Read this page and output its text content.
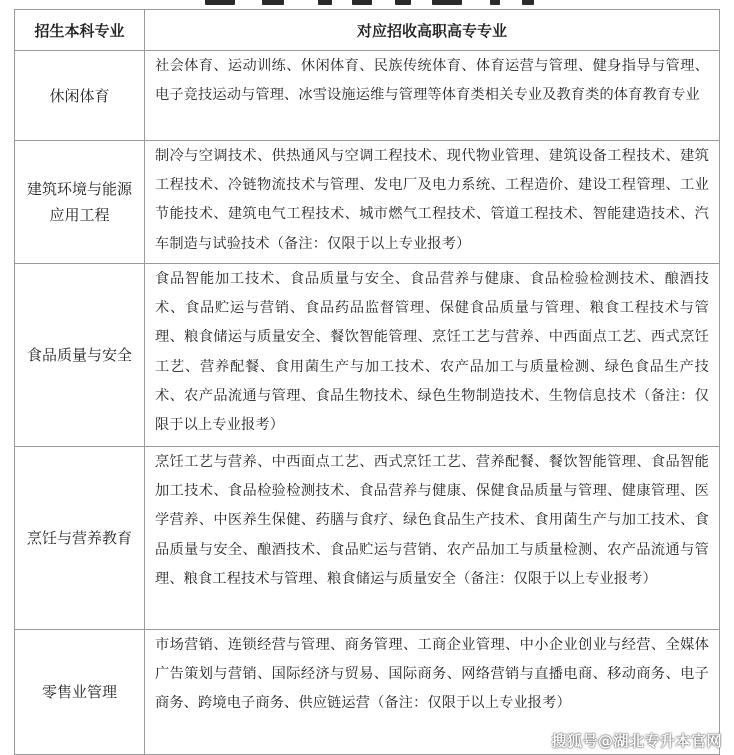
招生本科专业	对应招收高职高专专业
休闲体育	社会体育、运动训练、休闲体育、民族传统体育、体育运营与管理、健身指导与管理、电子竞技运动与管理、冰雪设施运维与管理等体育类相关专业及教育类的体育教育专业
建筑环境与能源应用工程	制冷与空调技术、供热通风与空调工程技术、现代物业管理、建筑设备工程技术、建筑工程技术、冷链物流技术与管理、发电厂及电力系统、工程造价、建设工程管理、工业节能技术、建筑电气工程技术、城市燃气工程技术、管道工程技术、智能建造技术、汽车制造与试验技术（备注：仅限于以上专业报考）
食品质量与安全	食品智能加工技术、食品质量与安全、食品营养与健康、食品检验检测技术、酿酒技术、食品贮运与营销、食品药品监督管理、保健食品质量与管理、粮食工程技术与管理、粮食储运与质量安全、餐饮智能管理、烹饪工艺与营养、中西面点工艺、西式烹饪工艺、营养配餐、食用菌生产与加工技术、农产品加工与质量检测、绿色食品生产技术、农产品流通与管理、食品生物技术、绿色生物制造技术、生物信息技术（备注：仅限于以上专业报考）
烹饪与营养教育	烹饪工艺与营养、中西面点工艺、西式烹饪工艺、营养配餐、餐饮智能管理、食品智能加工技术、食品检验检测技术、食品营养与健康、保健食品质量与管理、健康管理、医学营养、中医养生保健、药膳与食疗、绿色食品生产技术、食用菌生产与加工技术、食品质量与安全、酿酒技术、食品贮运与营销、农产品加工与质量检测、农产品流通与管理、粮食工程技术与管理、粮食储运与质量安全（备注：仅限于以上专业报考）
零售业管理	市场营销、连锁经营与管理、商务管理、工商企业管理、中小企业创业与经营、全媒体广告策划与营销、国际经济与贸易、国际商务、网络营销与直播电商、移动商务、电子商务、跨境电子商务、供应链运营（备注：仅限于以上专业报考）
搜狐号@湖北专升本官网
